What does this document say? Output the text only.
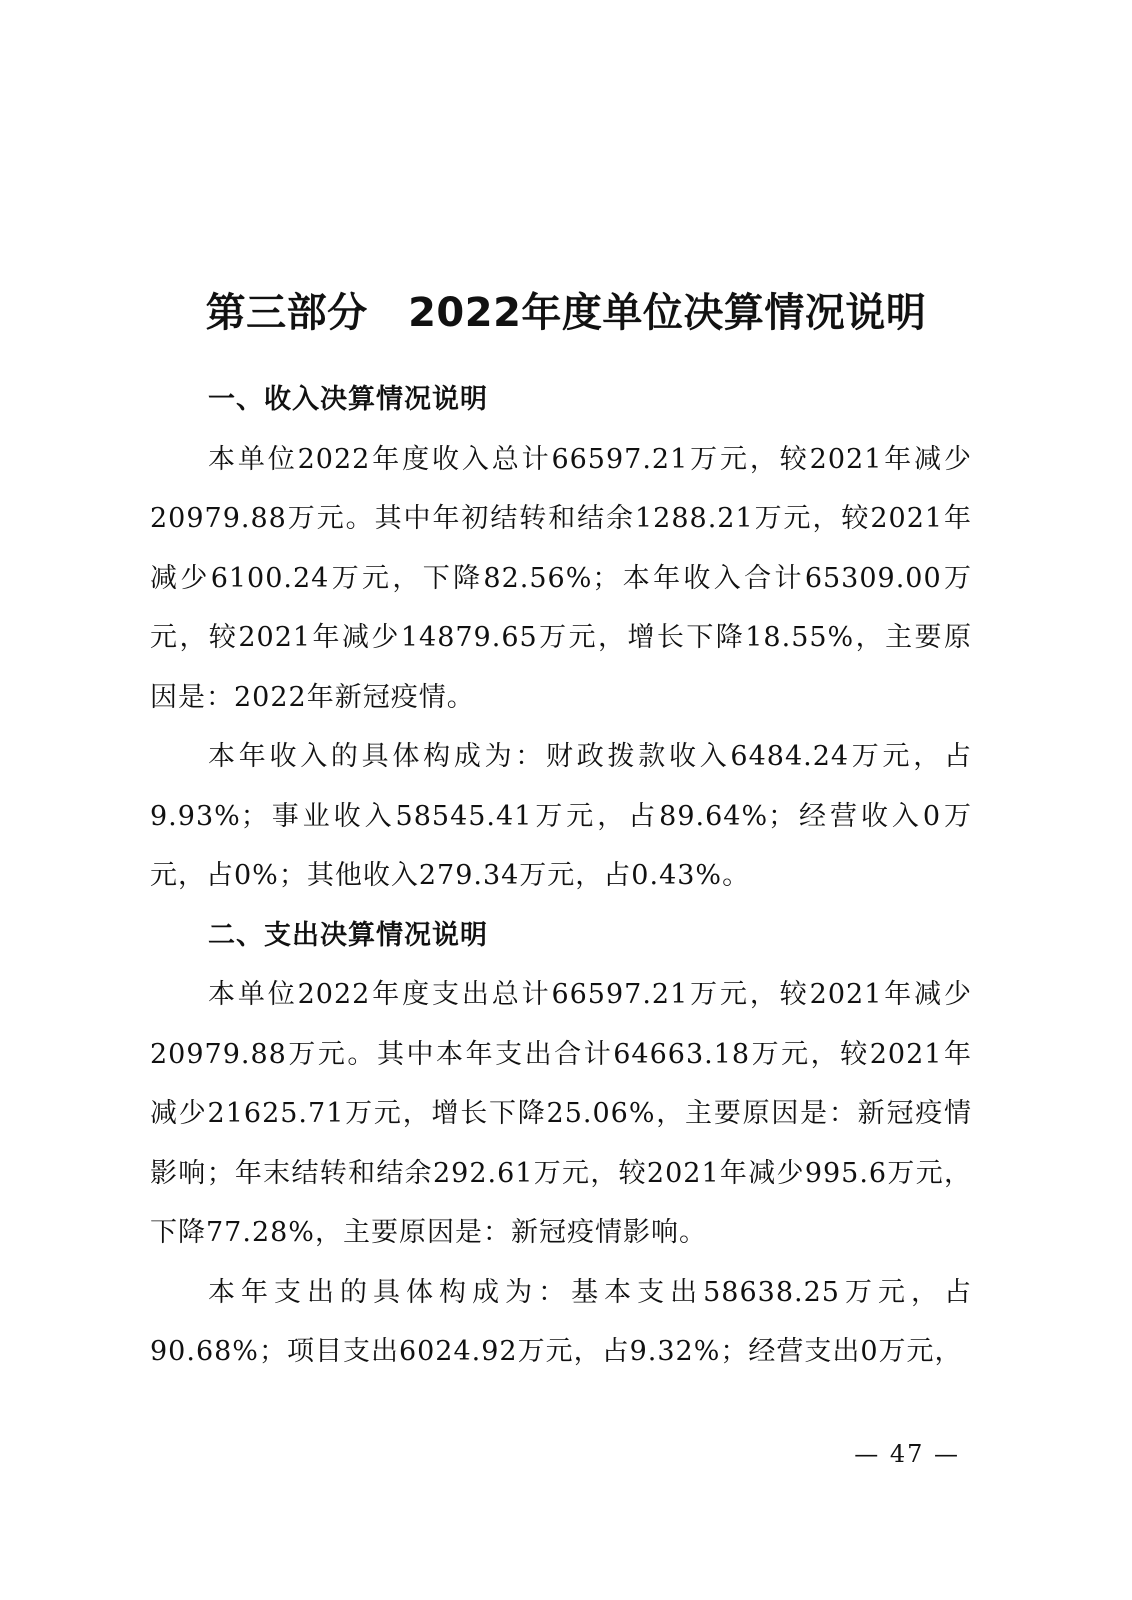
第三部分　2022年度单位决算情况说明
一、收入决算情况说明

本单位2022年度收入总计66597.21万元，较2021年减少20979.88万元。其中年初结转和结余1288.21万元，较2021年减少6100.24万元，下降82.56%；本年收入合计65309.00万元，较2021年减少14879.65万元，增长下降18.55%，主要原因是：2022年新冠疫情。

本年收入的具体构成为：财政拨款收入6484.24万元，占9.93%；事业收入58545.41万元，占89.64%；经营收入0万元，占0%；其他收入279.34万元，占0.43%。

二、支出决算情况说明

本单位2022年度支出总计66597.21万元，较2021年减少20979.88万元。其中本年支出合计64663.18万元，较2021年减少21625.71万元，增长下降25.06%，主要原因是：新冠疫情影响；年末结转和结余292.61万元，较2021年减少995.6万元，下降77.28%，主要原因是：新冠疫情影响。

本年支出的具体构成为：基本支出58638.25万元，占90.68%；项目支出6024.92万元，占9.32%；经营支出0万元，

— 47 —
